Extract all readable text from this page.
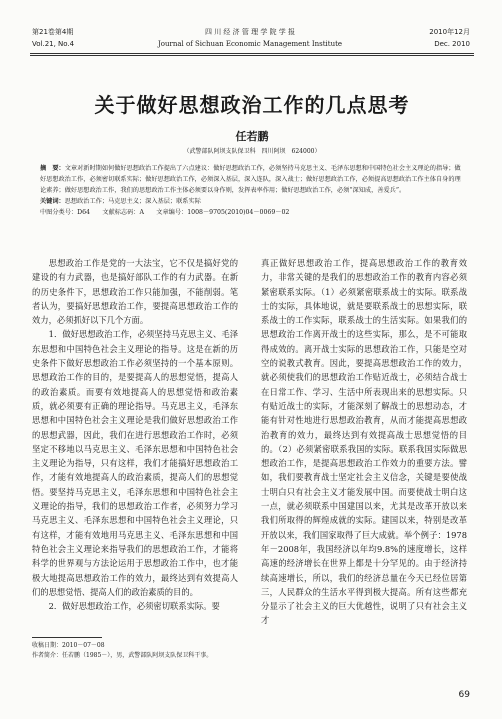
第21卷第4期
Vol.21, No.4
四 川 经 济 管 理 学 院 学 报
Journal of Sichuan Economic Management Institute
2010年12月
Dec. 2010
关于做好思想政治工作的几点思考
任若鹏
（武警部队阿坝支队保卫科　四川阿坝　624000）
摘　要：文章对新时期如何做好思想政治工作提出了六点建议：做好思想政治工作，必须坚持马克思主义、毛泽东思想和中国特色社会主义理论的指导；做好思想政治工作，必须密切联系实际；做好思想政治工作，必须深入基层，深入连队，深入战士；做好思想政治工作，必须提高思想政治工作主体自身的理论素养；做好思想政治工作，我们的思想政治工作主体必须要以身作则，发挥表率作用；做好思想政治工作，必须“深知成，善爱兵”。
关键词：思想政治工作；马克思主义；深入基层；联系实际
中图分类号：D64　　文献标志码：A　　文章编号：1008－9705(2010)04－0069－02

思想政治工作是党的一大法宝，它不仅是搞好党的建设的有力武器，也是搞好部队工作的有力武器。在新的历史条件下，思想政治工作只能加强，不能削弱。笔者认为，要搞好思想政治工作，要提高思想政治工作的效力，必须抓好以下几个方面。

1．做好思想政治工作，必须坚持马克思主义、毛泽东思想和中国特色社会主义理论的指导。这是在新的历史条件下做好思想政治工作必须坚持的一个基本原则。思想政治工作的目的，是要提高人的思想觉悟，提高人的政治素质。而要有效地提高人的思想觉悟和政治素质，就必须要有正确的理论指导。马克思主义，毛泽东思想和中国特色社会主义理论是我们做好思想政治工作的思想武器，因此，我们在进行思想政治工作时，必须坚定不移地以马克思主义、毛泽东思想和中国特色社会主义理论为指导，只有这样，我们才能搞好思想政治工作，才能有效地提高人的政治素质，提高人们的思想觉悟。要坚持马克思主义，毛泽东思想和中国特色社会主义理论的指导，我们的思想政治工作者，必须努力学习马克思主义、毛泽东思想和中国特色社会主义理论，只有这样，才能有效地用马克思主义、毛泽东思想和中国特色社会主义理论来指导我们的思想政治工作，才能将科学的世界观与方法论运用于思想政治工作中，也才能极大地提高思想政治工作的效力，最终达到有效提高人们的思想觉悟、提高人们的政治素质的目的。

2．做好思想政治工作，必须密切联系实际。要

真正做好思想政治工作，提高思想政治工作的教育效力，非常关键的是我们的思想政治工作的教育内容必须紧密联系实际。（1）必须紧密联系战士的实际。联系战士的实际，具体地说，就是要联系战士的思想实际，联系战士的工作实际，联系战士的生活实际。如果我们的思想政治工作离开战士的这些实际，那么，是不可能取得成效的。离开战士实际的思想政治工作，只能是空对空的说教式教育。因此，要提高思想政治工作的效力，就必须使我们的思想政治工作贴近战士，必须结合战士在日常工作、学习、生活中所表现出来的思想实际。只有贴近战士的实际，才能深刻了解战士的思想动态，才能有针对性地进行思想政治教育，从而才能提高思想政治教育的效力，最终达到有效提高战士思想觉悟的目的。（2）必须紧密联系我国的实际。联系我国实际做思想政治工作，是提高思想政治工作效力的重要方法。譬如，我们要教育战士坚定社会主义信念，关键是要使战士明白只有社会主义才能发展中国。而要使战士明白这一点，就必须联系中国建国以来，尤其是改革开放以来我们所取得的辉煌成就的实际。建国以来，特别是改革开放以来，我们国家取得了巨大成就。举个例子：1978年－2008年，我国经济以年均9.8%的速度增长，这样高速的经济增长在世界上都是十分罕见的。由于经济持续高速增长，所以，我们的经济总量在今天已经位居第三，人民群众的生活水平得到极大提高。所有这些都充分显示了社会主义的巨大优越性，说明了只有社会主义才

收稿日期：2010－07－08
作者简介：任若鹏（1985－），男，武警部队阿坝支队保卫科干事。
69
